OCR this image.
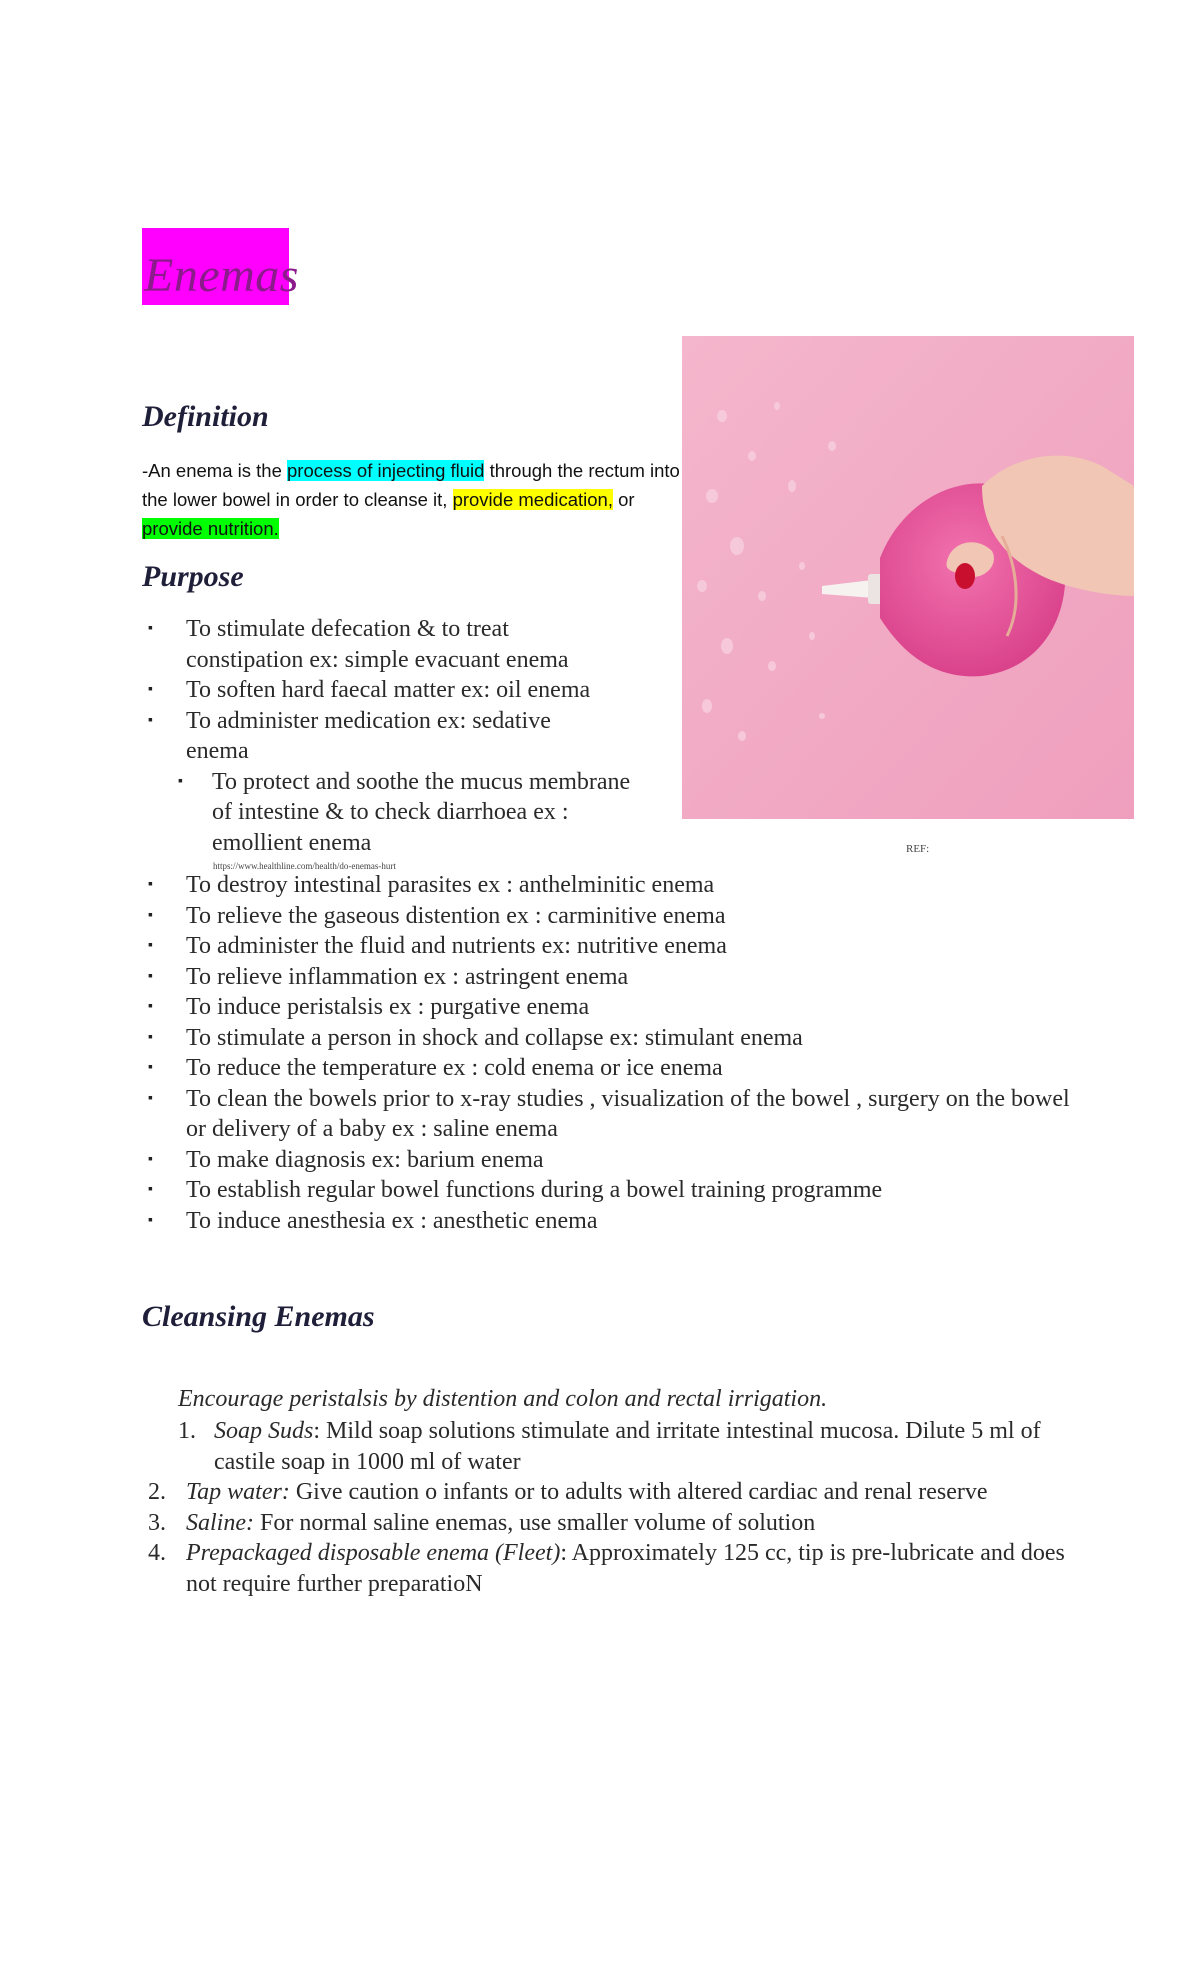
Enemas
Definition
-An enema is the process of injecting fluid through the rectum into the lower bowel in order to cleanse it, provide medication, or provide nutrition.
Purpose
▪	To stimulate defecation & to treat constipation ex: simple evacuant enema
▪	To soften hard faecal matter ex: oil enema
▪	To administer medication ex: sedative enema
▪	To protect and soothe the mucus membrane of intestine & to check diarrhoea ex : emollient enema
▪	To destroy intestinal parasites ex : anthelminitic enema
▪	To relieve the gaseous distention ex : carminitive enema
▪	To administer the fluid and nutrients ex: nutritive enema
▪	To relieve inflammation ex : astringent enema
▪	To induce peristalsis ex : purgative enema
▪	To stimulate a person in shock and collapse ex: stimulant enema
▪	To reduce the temperature ex : cold enema or ice enema
▪	To clean the bowels prior to x-ray studies , visualization of the bowel , surgery on the bowel or delivery of a baby ex : saline enema
▪	To make diagnosis ex: barium enema
▪	To establish regular bowel functions during a bowel training programme
▪	To induce anesthesia ex : anesthetic enema
https://www.healthline.com/health/do-enemas-hurt
REF:
Cleansing Enemas
Encourage peristalsis by distention and colon and rectal irrigation.
1. Soap Suds: Mild soap solutions stimulate and irritate intestinal mucosa. Dilute 5 ml of castile soap in 1000 ml of water
2. Tap water: Give caution o infants or to adults with altered cardiac and renal reserve
3. Saline: For normal saline enemas, use smaller volume of solution
4. Prepackaged disposable enema (Fleet): Approximately 125 cc, tip is pre-lubricate and does not require further preparatioN
